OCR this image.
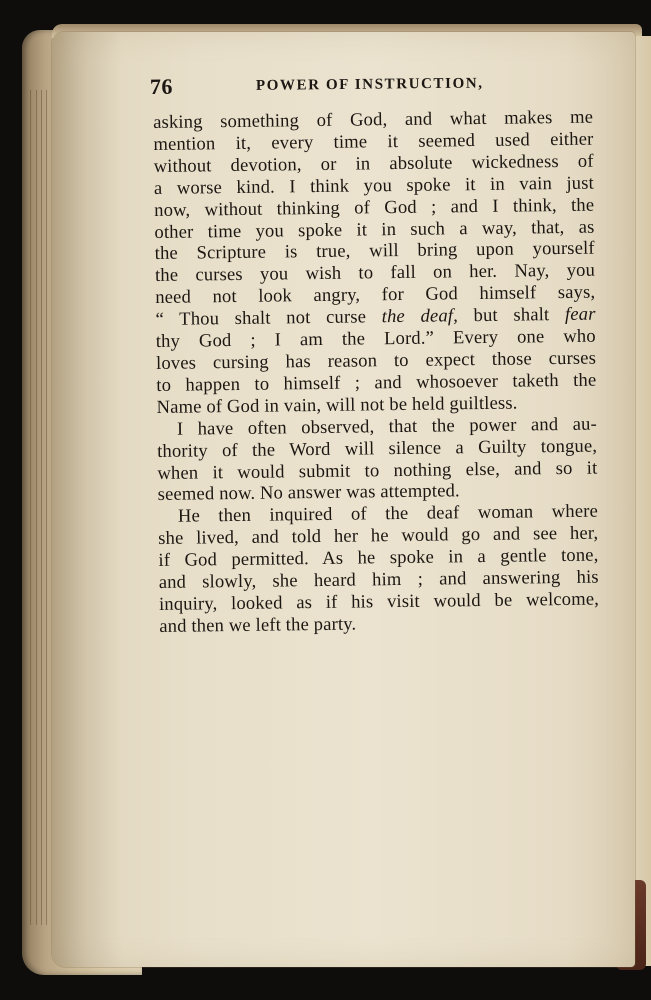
76	POWER OF INSTRUCTION,
asking something of God, and what makes me
mention it, every time it seemed used either
without devotion, or in absolute wickedness of
a worse kind. I think you spoke it in vain just
now, without thinking of God ; and I think, the
other time you spoke it in such a way, that, as
the Scripture is true, will bring upon yourself
the curses you wish to fall on her. Nay, you
need not look angry, for God himself says,
“ Thou shalt not curse the deaf, but shalt fear
thy God ; I am the Lord.” Every one who
loves cursing has reason to expect those curses
to happen to himself ; and whosoever taketh the
Name of God in vain, will not be held guiltless.
I have often observed, that the power and au-
thority of the Word will silence a Guilty tongue,
when it would submit to nothing else, and so it
seemed now. No answer was attempted.
He then inquired of the deaf woman where
she lived, and told her he would go and see her,
if God permitted. As he spoke in a gentle tone,
and slowly, she heard him ; and answering his
inquiry, looked as if his visit would be welcome,
and then we left the party.
